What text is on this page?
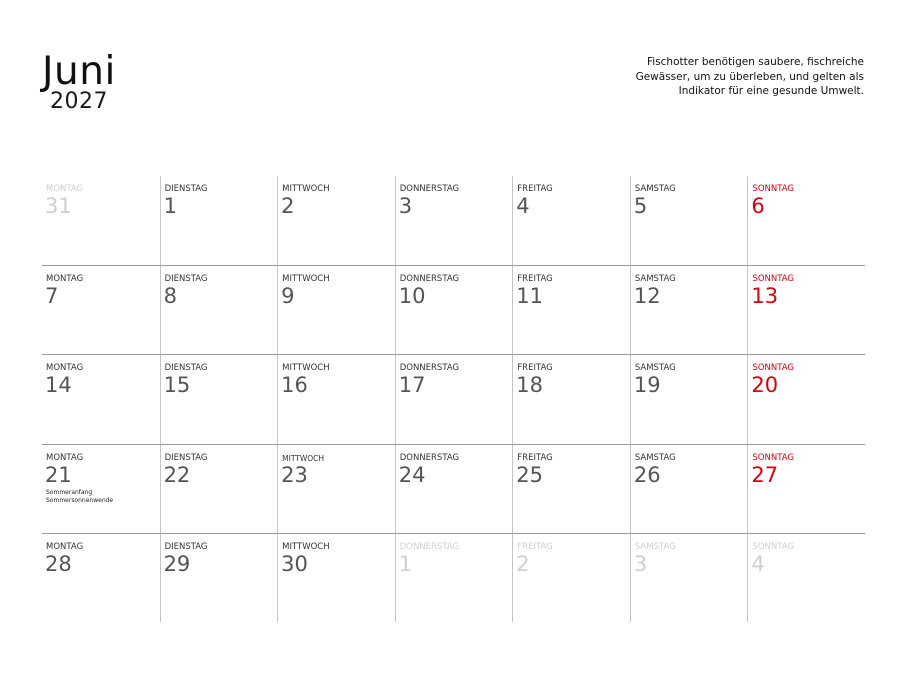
Juni
2027

Fischotter benötigen saubere, fischreiche
Gewässer, um zu überleben, und gelten als
Indikator für eine gesunde Umwelt.

MONTAG
31
DIENSTAG
1
MITTWOCH
2
DONNERSTAG
3
FREITAG
4
SAMSTAG
5
SONNTAG
6
MONTAG
7
DIENSTAG
8
MITTWOCH
9
DONNERSTAG
10
FREITAG
11
SAMSTAG
12
SONNTAG
13
MONTAG
14
DIENSTAG
15
MITTWOCH
16
DONNERSTAG
17
FREITAG
18
SAMSTAG
19
SONNTAG
20
MONTAG
21
Sommeranfang
Sommersonnenwende
DIENSTAG
22
MITTWOCH
23
DONNERSTAG
24
FREITAG
25
SAMSTAG
26
SONNTAG
27
MONTAG
28
DIENSTAG
29
MITTWOCH
30
DONNERSTAG
1
FREITAG
2
SAMSTAG
3
SONNTAG
4
